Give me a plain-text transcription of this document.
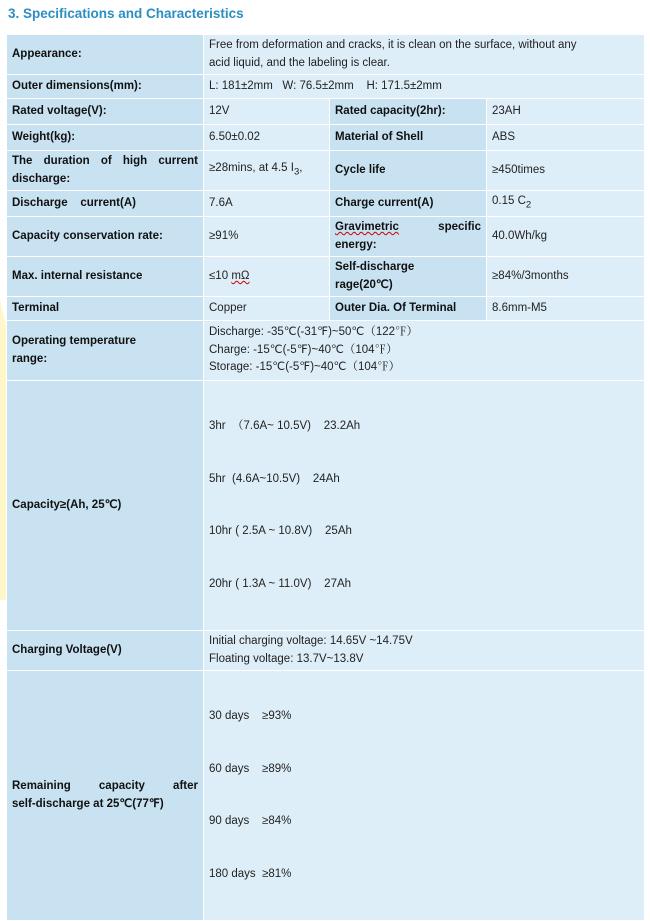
3. Specifications and Characteristics
Appearance:	Free from deformation and cracks, it is clean on the surface, without any
acid liquid, and the labeling is clear.		

Outer dimensions(mm):	L: 181±2mm   W: 76.5±2mm    H: 171.5±2mm		
Rated voltage(V):	12V	Rated capacity(2hr):	23AH
Weight(kg):	6.50±0.02	Material of Shell	ABS

The duration of high current
discharge:	≥28mins, at 4.5 $I_3$,	Cycle life	≥450times
Discharge    current(A)	7.6A	Charge current(A)	0.15 $C_2$
Capacity conservation rate:	≥91%	Gravimetric specific
energy:	40.0Wh/kg
Max. internal resistance	≤10 mΩ	Self-discharge
rage(20℃)	≥84%/3months
Terminal	Copper	Outer Dia. Of Terminal	8.6mm-M5

Operating temperature
range:	Discharge: -35℃(-31℉)~50℃（122℉）
Charge: -15℃(-5℉)~40℃（104℉）
Storage: -15℃(-5℉)~40℃（104℉）		

Capacity≥(Ah, 25℃)	3hr  （7.6A~ 10.5V)    23.2Ah

5hr  (4.6A~10.5V)    24Ah

10hr ( 2.5A ~ 10.8V)    25Ah

20hr ( 1.3A ~ 11.0V)    27Ah		

Charging Voltage(V)	Initial charging voltage: 14.65V ~14.75V
Floating voltage: 13.7V~13.8V		

Remaining capacity after
self-discharge at 25℃(77℉)	30 days    ≥93%

60 days    ≥89%

90 days    ≥84%

180 days  ≥81%		
